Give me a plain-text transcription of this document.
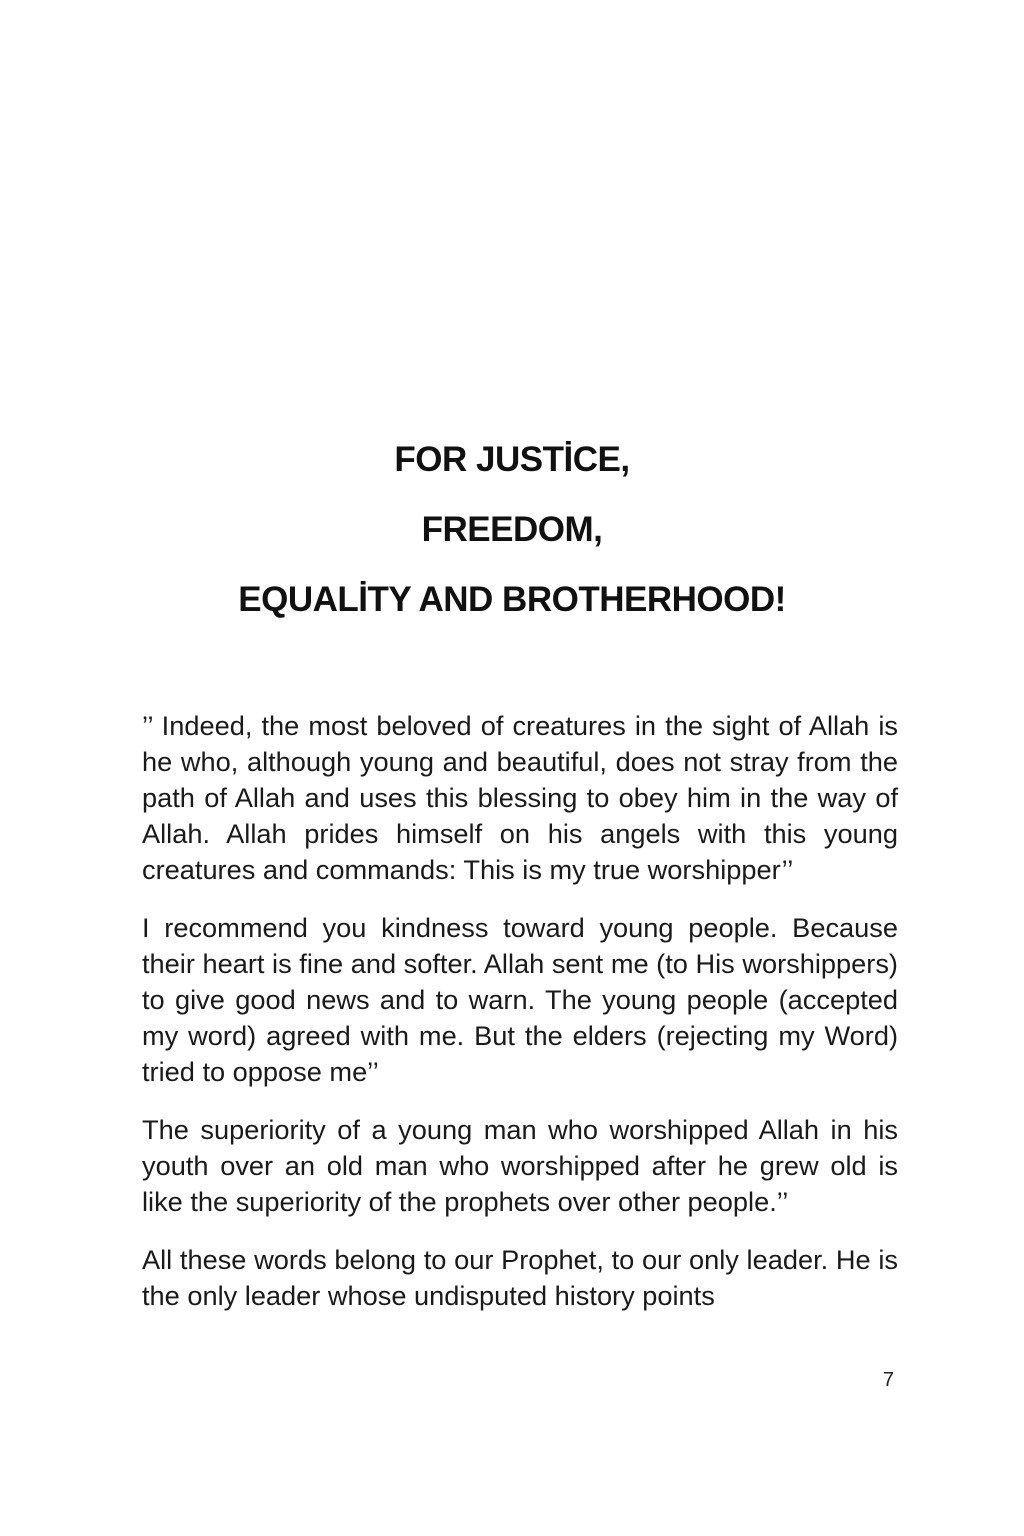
FOR JUSTİCE,
FREEDOM,
EQUALİTY AND BROTHERHOOD!

’’ Indeed, the most beloved of creatures in the sight of Allah is he who, although young and beautiful, does not stray from the path of Allah and uses this blessing to obey him in the way of Allah. Allah prides himself on his angels with this young creatures and commands: This is my true worshipper’’

I recommend you kindness toward young people. Because their heart is fine and softer. Allah sent me (to His worshippers) to give good news and to warn. The young people (accepted my word) agreed with me. But the elders (rejecting my Word) tried to oppose me’’

The superiority of a young man who worshipped Allah in his youth over an old man who worshipped after he grew old is like the superiority of the prophets over other people.’’

All these words belong to our Prophet, to our only leader. He is the only leader whose undisputed history points

7
